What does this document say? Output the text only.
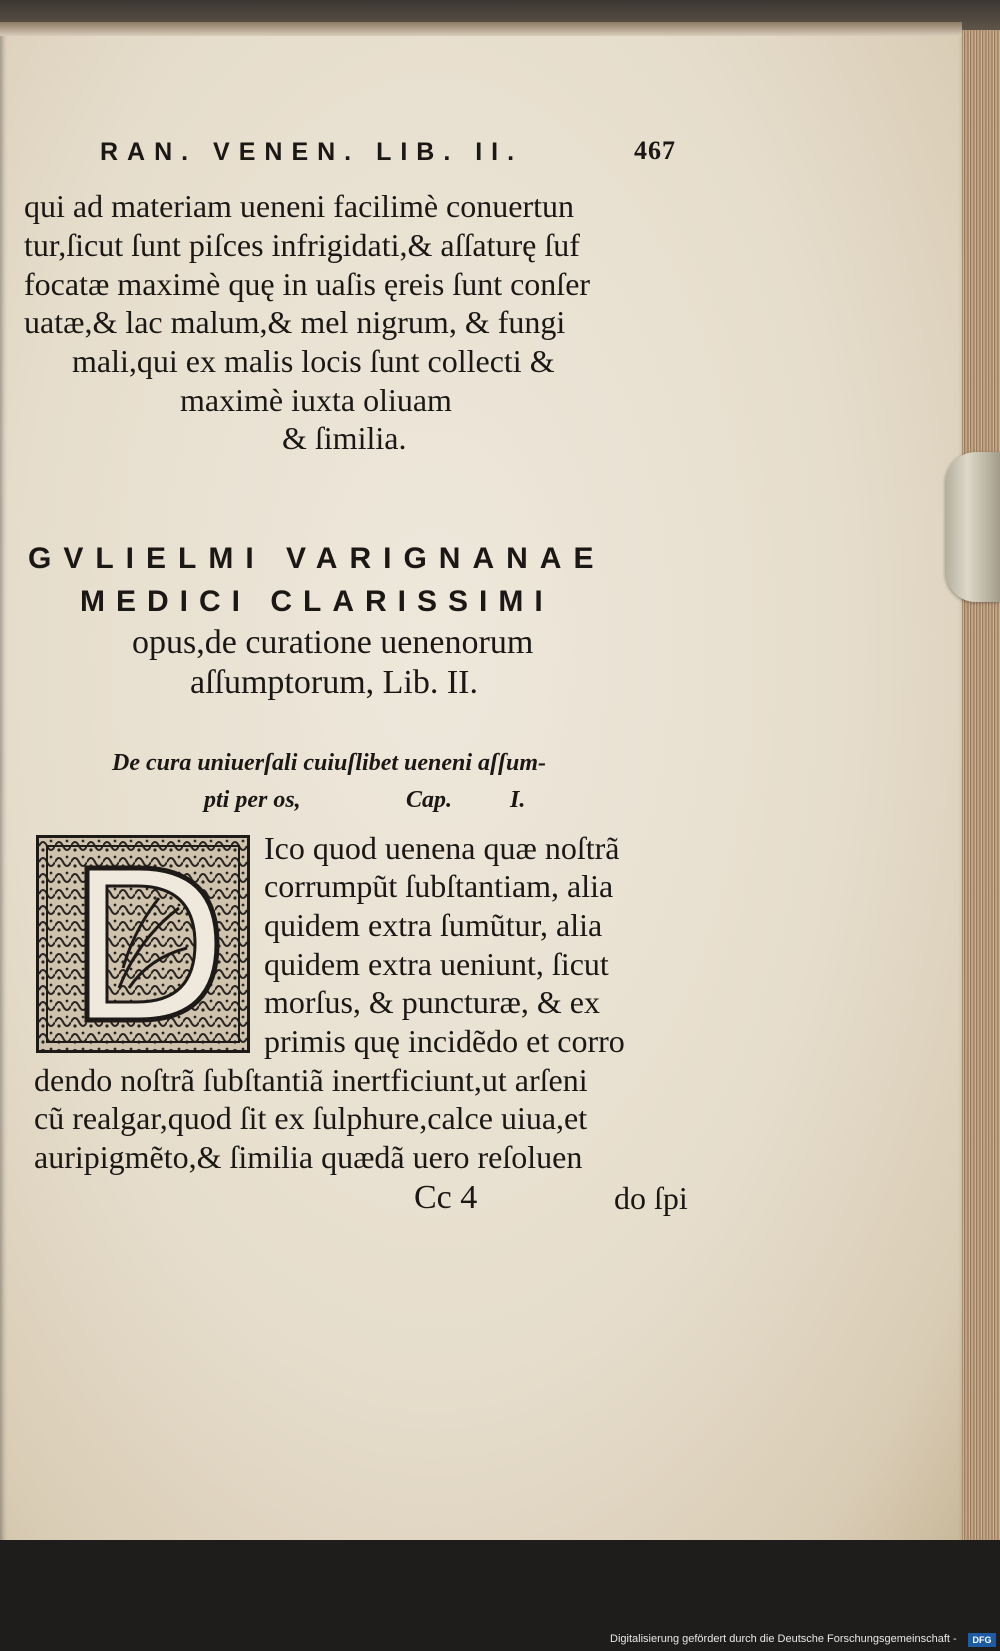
RAN. VENEN. LIB. II.	467
qui ad materiam ueneni facilimè conuertun
tur,ſicut ſunt piſces infrigidati,& aſſaturę ſuf
focatæ maximè quę in uaſis ęreis ſunt conſer
uatæ,& lac malum,& mel nigrum, & fungi
mali,qui ex malis locis ſunt collecti &
maximè iuxta oliuam
& ſimilia.
GVLIELMI VARIGNANAE
MEDICI CLARISSIMI
opus,de curatione uenenorum
aſſumptorum, Lib. II.
De cura uniuerſali cuiuſlibet ueneni aſſum-
pti per os,	Cap. I.
Ico quod uenena quæ noſtrã
corrumpũt ſubſtantiam, alia
quidem extra ſumũtur, alia
quidem extra ueniunt, ſicut
morſus, & puncturæ, & ex
primis quę incidẽdo et corro
dendo noſtrã ſubſtantiã inertficiunt,ut arſeni
cũ realgar,quod ſit ex ſulphure,calce uiua,et
auripigmẽto,& ſimilia quædã uero reſoluen
Cc 4	do ſpi
Digitalisierung gefördert durch die Deutsche Forschungsgemeinschaft -	DFG
